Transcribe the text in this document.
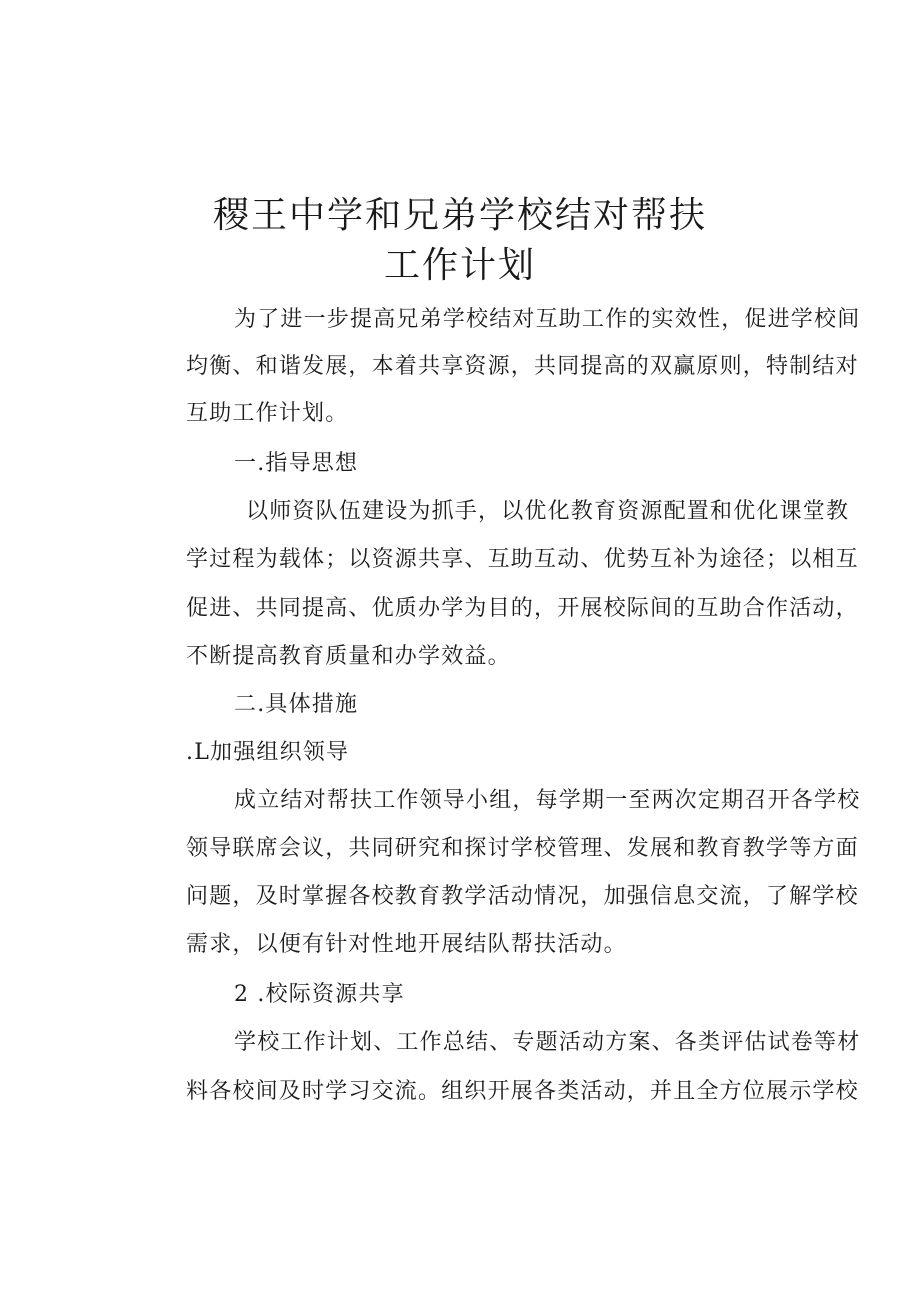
稷王中学和兄弟学校结对帮扶
工作计划
为了进一步提高兄弟学校结对互助工作的实效性，促进学校间
均衡、和谐发展，本着共享资源，共同提高的双赢原则，特制结对
互助工作计划。
一.指导思想
以师资队伍建设为抓手，以优化教育资源配置和优化课堂教
学过程为载体；以资源共享、互助互动、优势互补为途径；以相互
促进、共同提高、优质办学为目的，开展校际间的互助合作活动，
不断提高教育质量和办学效益。
二.具体措施
.L加强组织领导
成立结对帮扶工作领导小组，每学期一至两次定期召开各学校
领导联席会议，共同研究和探讨学校管理、发展和教育教学等方面
问题，及时掌握各校教育教学活动情况，加强信息交流，了解学校
需求，以便有针对性地开展结队帮扶活动。
2 .校际资源共享
学校工作计划、工作总结、专题活动方案、各类评估试卷等材
料各校间及时学习交流。组织开展各类活动，并且全方位展示学校
